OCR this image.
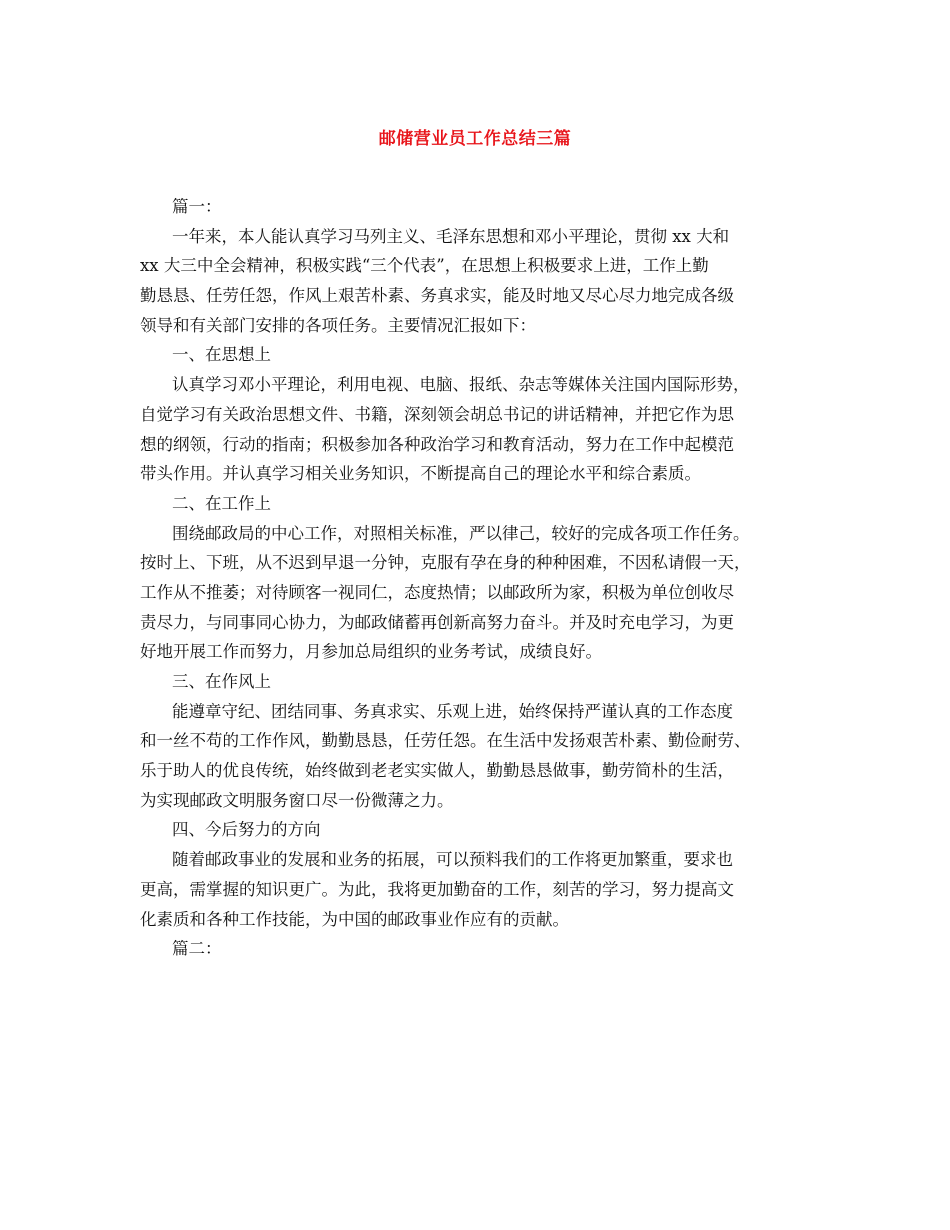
邮储营业员工作总结三篇
篇一：
一年来，本人能认真学习马列主义、毛泽东思想和邓小平理论，贯彻 xx 大和
xx 大三中全会精神，积极实践“三个代表”，在思想上积极要求上进，工作上勤
勤恳恳、任劳任怨，作风上艰苦朴素、务真求实，能及时地又尽心尽力地完成各级
领导和有关部门安排的各项任务。主要情况汇报如下：
一、在思想上
认真学习邓小平理论，利用电视、电脑、报纸、杂志等媒体关注国内国际形势，
自觉学习有关政治思想文件、书籍，深刻领会胡总书记的讲话精神，并把它作为思
想的纲领，行动的指南；积极参加各种政治学习和教育活动，努力在工作中起模范
带头作用。并认真学习相关业务知识，不断提高自己的理论水平和综合素质。
二、在工作上
围绕邮政局的中心工作，对照相关标准，严以律己，较好的完成各项工作任务。
按时上、下班，从不迟到早退一分钟，克服有孕在身的种种困难，不因私请假一天，
工作从不推萎；对待顾客一视同仁，态度热情；以邮政所为家，积极为单位创收尽
责尽力，与同事同心协力，为邮政储蓄再创新高努力奋斗。并及时充电学习，为更
好地开展工作而努力，月参加总局组织的业务考试，成绩良好。
三、在作风上
能遵章守纪、团结同事、务真求实、乐观上进，始终保持严谨认真的工作态度
和一丝不苟的工作作风，勤勤恳恳，任劳任怨。在生活中发扬艰苦朴素、勤俭耐劳、
乐于助人的优良传统，始终做到老老实实做人，勤勤恳恳做事，勤劳简朴的生活，
为实现邮政文明服务窗口尽一份微薄之力。
四、今后努力的方向
随着邮政事业的发展和业务的拓展，可以预料我们的工作将更加繁重，要求也
更高，需掌握的知识更广。为此，我将更加勤奋的工作，刻苦的学习，努力提高文
化素质和各种工作技能，为中国的邮政事业作应有的贡献。
篇二：
